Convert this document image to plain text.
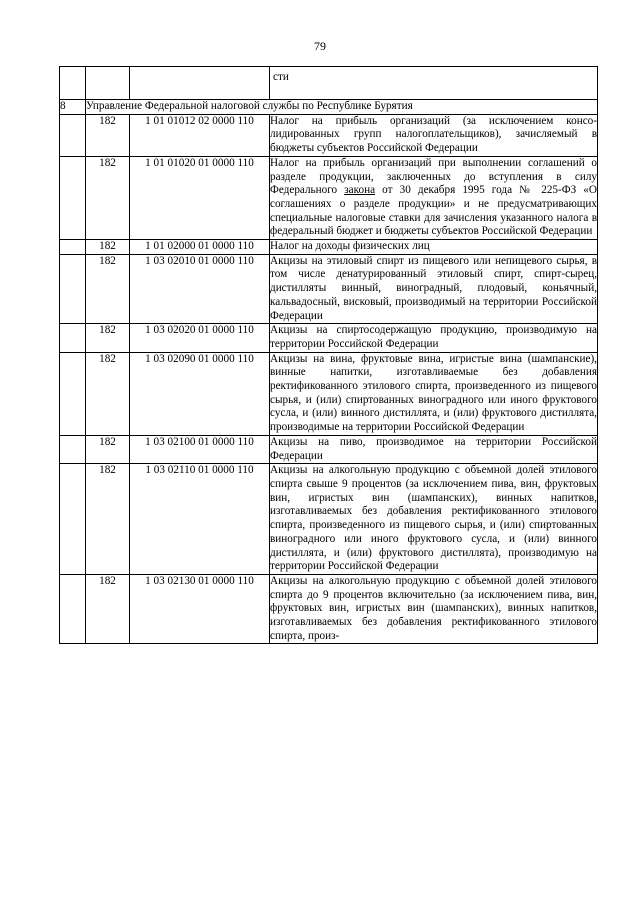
79
			сти
8	Управление Федеральной налоговой службы по Республике Бурятия		
	182	1 01 01012 02 0000 110	Налог на прибыль организаций (за исключением консолидированных групп налогоплательщиков), зачисляемый в бюджеты субъектов Российской Федерации
	182	1 01 01020 01 0000 110	Налог на прибыль организаций при выполнении соглашений о разделе продукции, заключенных до вступления в силу Федерального закона от 30 декабря 1995 года № 225-ФЗ «О соглашениях о разделе продукции» и не предусматривающих специальные налоговые ставки для зачисления указанного налога в федеральный бюджет и бюджеты субъектов Российской Федерации
	182	1 01 02000 01 0000 110	Налог на доходы физических лиц
	182	1 03 02010 01 0000 110	Акцизы на этиловый спирт из пищевого или непищевого сырья, в том числе денатурированный этиловый спирт, спирт-сырец, дистилляты винный, виноградный, плодовый, коньячный, кальвадосный, висковый, производимый на территории Российской Федерации
	182	1 03 02020 01 0000 110	Акцизы на спиртосодержащую продукцию, производимую на территории Российской Федерации
	182	1 03 02090 01 0000 110	Акцизы на вина, фруктовые вина, игристые вина (шампанские), винные напитки, изготавливаемые без добавления ректификованного этилового спирта, произведенного из пищевого сырья, и (или) спиртованных виноградного или иного фруктового сусла, и (или) винного дистиллята, и (или) фруктового дистиллята, производимые на территории Российской Федерации
	182	1 03 02100 01 0000 110	Акцизы на пиво, производимое на территории Российской Федерации
	182	1 03 02110 01 0000 110	Акцизы на алкогольную продукцию с объемной долей этилового спирта свыше 9 процентов (за исключением пива, вин, фруктовых вин, игристых вин (шампанских), винных напитков, изготавливаемых без добавления ректификованного этилового спирта, произведенного из пищевого сырья, и (или) спиртованных виноградного или иного фруктового сусла, и (или) винного дистиллята, и (или) фруктового дистиллята), производимую на территории Российской Федерации
	182	1 03 02130 01 0000 110	Акцизы на алкогольную продукцию с объемной долей этилового спирта до 9 процентов включительно (за исключением пива, вин, фруктовых вин, игристых вин (шампанских), винных напитков, изготавливаемых без добавления ректификованного этилового спирта, произ-
